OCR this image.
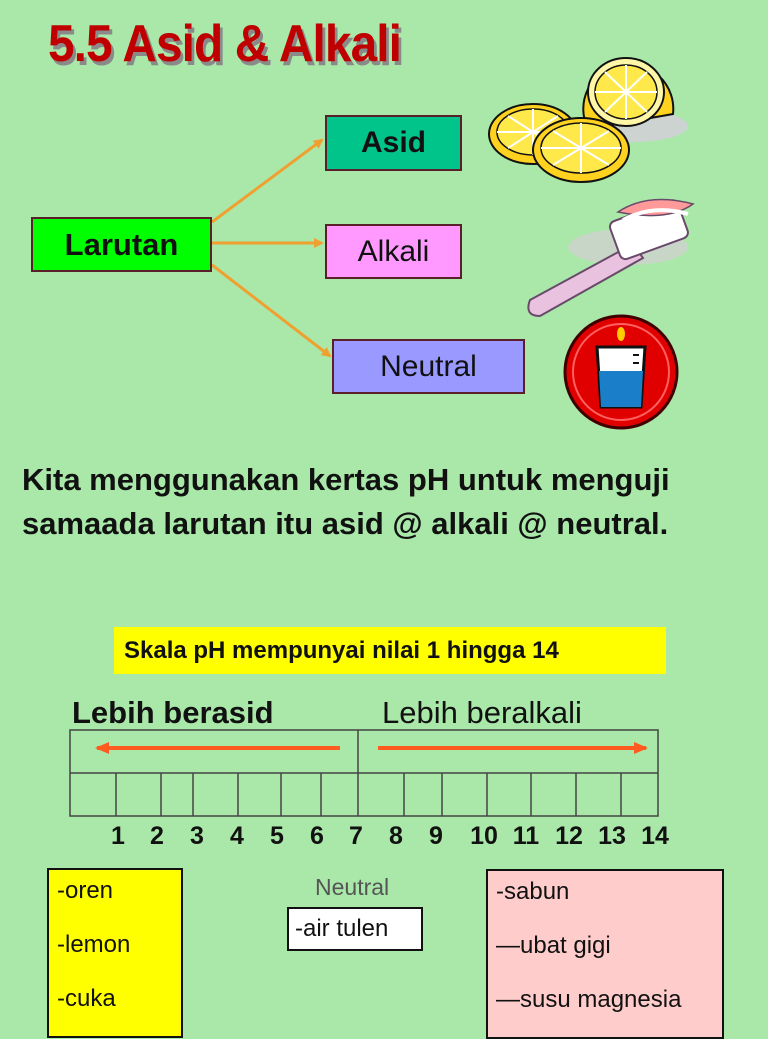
5.5 Asid & Alkali
Larutan
Asid
Alkali
Neutral
Kita menggunakan kertas pH untuk menguji samaada larutan itu asid @ alkali @ neutral.
Skala pH mempunyai nilai 1 hingga 14
Lebih berasid	Lebih beralkali
1 2 3 4 5 6 7 8 9 10 11 12 13 14
-oren
-lemon
-cuka
Neutral
-air tulen
-sabun
—ubat gigi
—susu magnesia
